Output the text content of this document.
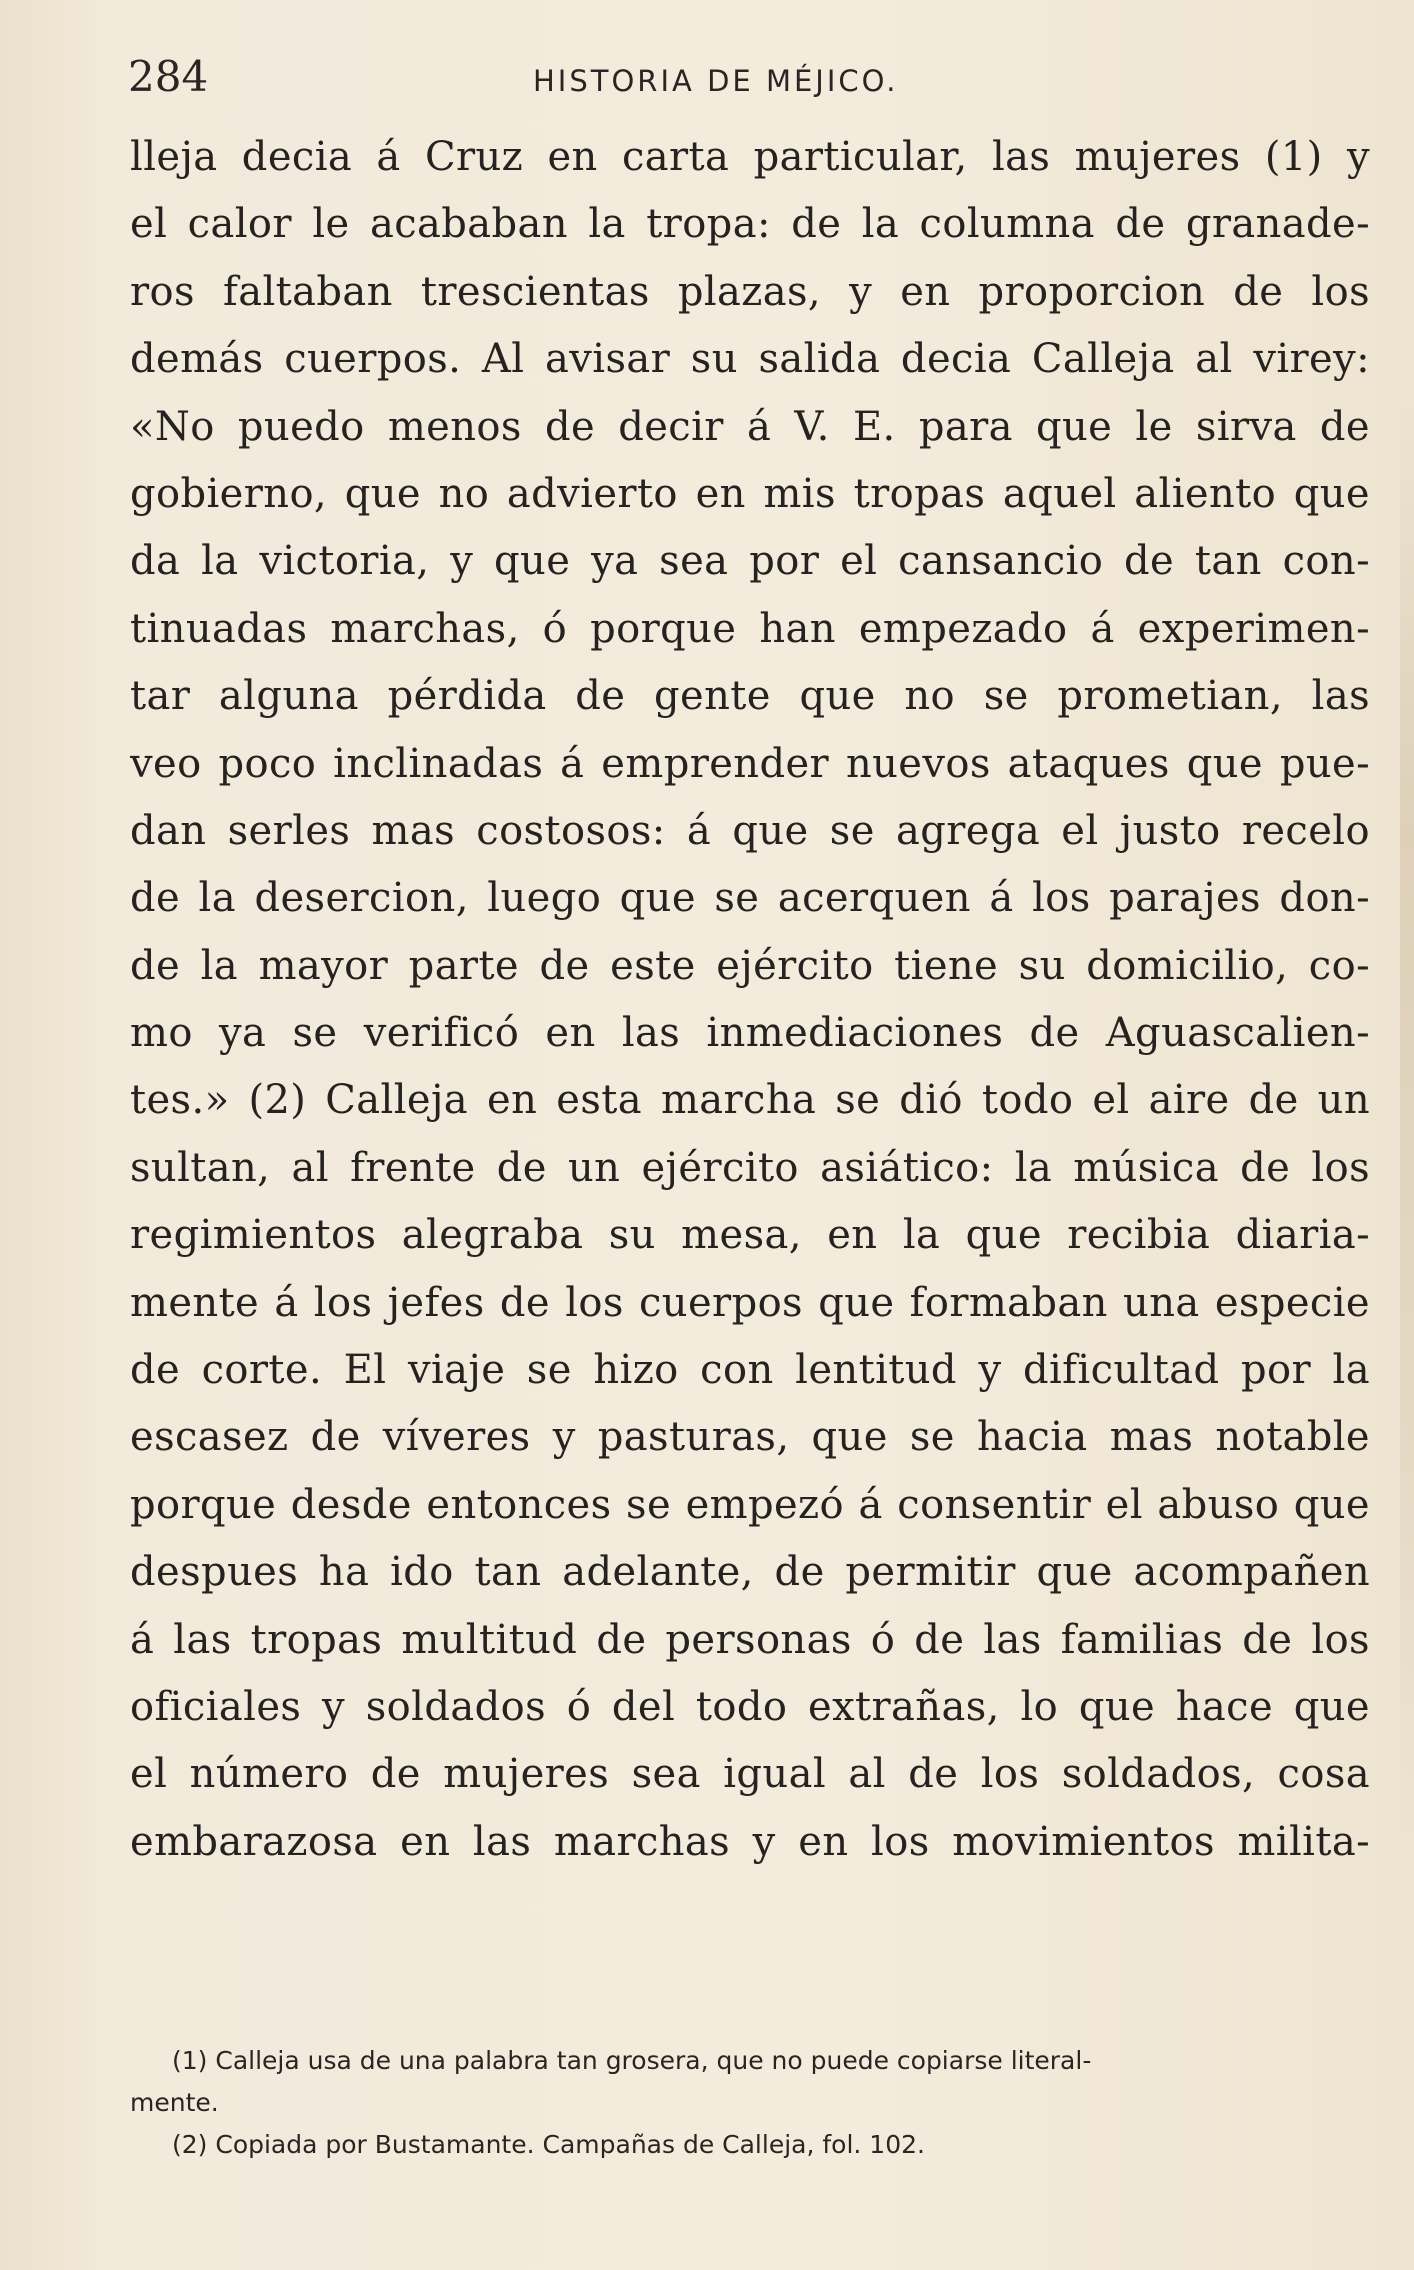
284	HISTORIA DE MÉJICO.
lleja decia á Cruz en carta particular, las mujeres (1) y
el calor le acababan la tropa: de la columna de granade-
ros faltaban trescientas plazas, y en proporcion de los
demás cuerpos. Al avisar su salida decia Calleja al virey:
«No puedo menos de decir á V. E. para que le sirva de
gobierno, que no advierto en mis tropas aquel aliento que
da la victoria, y que ya sea por el cansancio de tan con-
tinuadas marchas, ó porque han empezado á experimen-
tar alguna pérdida de gente que no se prometian, las
veo poco inclinadas á emprender nuevos ataques que pue-
dan serles mas costosos: á que se agrega el justo recelo
de la desercion, luego que se acerquen á los parajes don-
de la mayor parte de este ejército tiene su domicilio, co-
mo ya se verificó en las inmediaciones de Aguascalien-
tes.» (2) Calleja en esta marcha se dió todo el aire de un
sultan, al frente de un ejército asiático: la música de los
regimientos alegraba su mesa, en la que recibia diaria-
mente á los jefes de los cuerpos que formaban una especie
de corte. El viaje se hizo con lentitud y dificultad por la
escasez de víveres y pasturas, que se hacia mas notable
porque desde entonces se empezó á consentir el abuso que
despues ha ido tan adelante, de permitir que acompañen
á las tropas multitud de personas ó de las familias de los
oficiales y soldados ó del todo extrañas, lo que hace que
el número de mujeres sea igual al de los soldados, cosa
embarazosa en las marchas y en los movimientos milita-
(1) Calleja usa de una palabra tan grosera, que no puede copiarse literal-
mente.
(2) Copiada por Bustamante. Campañas de Calleja, fol. 102.
